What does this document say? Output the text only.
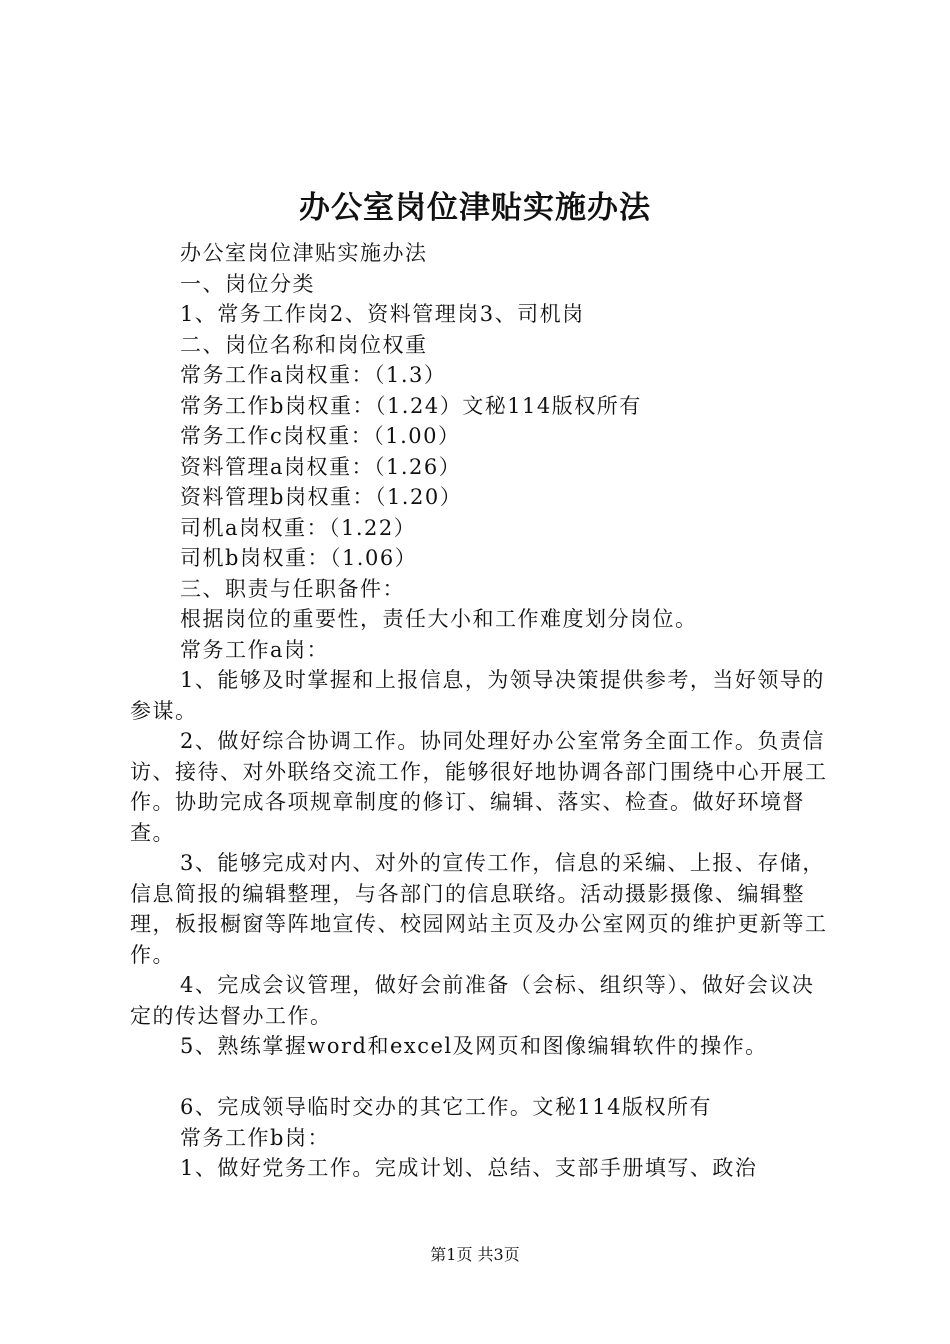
办公室岗位津贴实施办法

办公室岗位津贴实施办法

一、岗位分类

1、常务工作岗2、资料管理岗3、司机岗

二、岗位名称和岗位权重

常务工作a岗权重：（1.3）

常务工作b岗权重：（1.24）文秘114版权所有

常务工作c岗权重：（1.00）

资料管理a岗权重：（1.26）

资料管理b岗权重：（1.20）

司机a岗权重：（1.22）

司机b岗权重：（1.06）

三、职责与任职备件：

根据岗位的重要性，责任大小和工作难度划分岗位。

常务工作a岗：

1、能够及时掌握和上报信息，为领导决策提供参考，当好领导的参谋。

2、做好综合协调工作。协同处理好办公室常务全面工作。负责信访、接待、对外联络交流工作，能够很好地协调各部门围绕中心开展工作。协助完成各项规章制度的修订、编辑、落实、检查。做好环境督查。

3、能够完成对内、对外的宣传工作，信息的采编、上报、存储，信息简报的编辑整理，与各部门的信息联络。活动摄影摄像、编辑整理，板报橱窗等阵地宣传、校园网站主页及办公室网页的维护更新等工作。

4、完成会议管理，做好会前准备（会标、组织等）、做好会议决定的传达督办工作。

5、熟练掌握word和excel及网页和图像编辑软件的操作。

6、完成领导临时交办的其它工作。文秘114版权所有

常务工作b岗：

1、做好党务工作。完成计划、总结、支部手册填写、政治

第1页 共3页
